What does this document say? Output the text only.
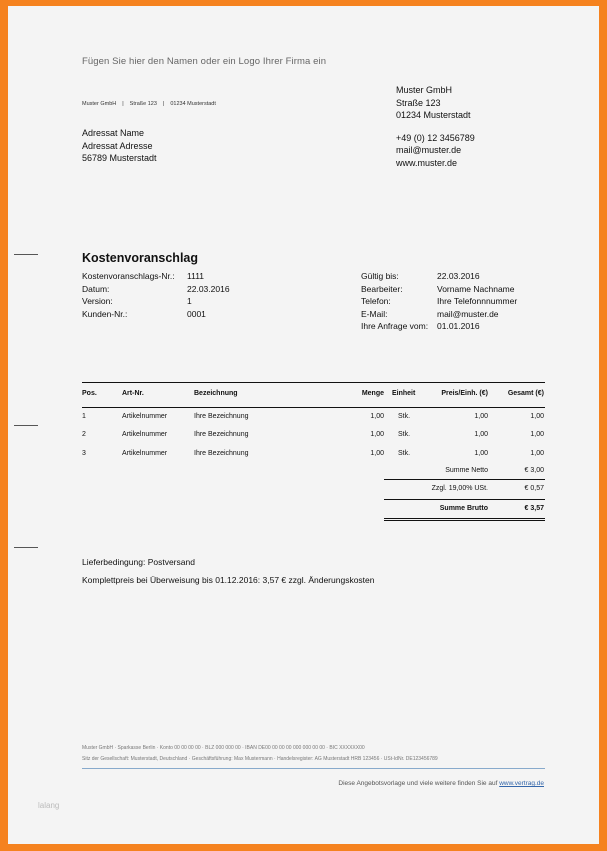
Fügen Sie hier den Namen oder ein Logo Ihrer Firma ein
Muster GmbH | Straße 123 | 01234 Musterstadt
Adressat Name
Adressat Adresse
56789 Musterstadt
Muster GmbH
Straße 123
01234 Musterstadt
+49 (0) 12 3456789
mail@muster.de
www.muster.de
Kostenvoranschlag
Kostenvoranschlags-Nr.:	1111
Datum:	22.03.2016
Version:	1
Kunden-Nr.:	0001
Gültig bis:	22.03.2016
Bearbeiter:	Vorname Nachname
Telefon:	Ihre Telefonnnummer
E-Mail:	mail@muster.de
Ihre Anfrage vom:	01.01.2016
Pos.	Art-Nr.	Bezeichnung	Menge Einheit	Preis/Einh. (€)	Gesamt (€)
1	Artikelnummer	Ihre Bezeichnung	1,00 Stk.	1,00	1,00
2	Artikelnummer	Ihre Bezeichnung	1,00 Stk.	1,00	1,00
3	Artikelnummer	Ihre Bezeichnung	1,00 Stk.	1,00	1,00
Summe Netto	€ 3,00
Zzgl. 19,00% USt.	€ 0,57
Summe Brutto	€ 3,57
Lieferbedingung: Postversand
Komplettpreis bei Überweisung bis 01.12.2016: 3,57 € zzgl. Änderungskosten
Muster GmbH · Sparkasse Berlin · Konto 00 00 00 00 · BLZ 000 000 00 · IBAN DE00 00 00 00 000 000 00 00 · BIC XXXXXX00
Sitz der Gesellschaft: Musterstadt, Deutschland · Geschäftsführung: Max Mustermann · Handelsregister: AG Musterstadt HRB 123456 · USt-IdNr. DE123456789
Diese Angebotsvorlage und viele weitere finden Sie auf www.vertrag.de
lalang
